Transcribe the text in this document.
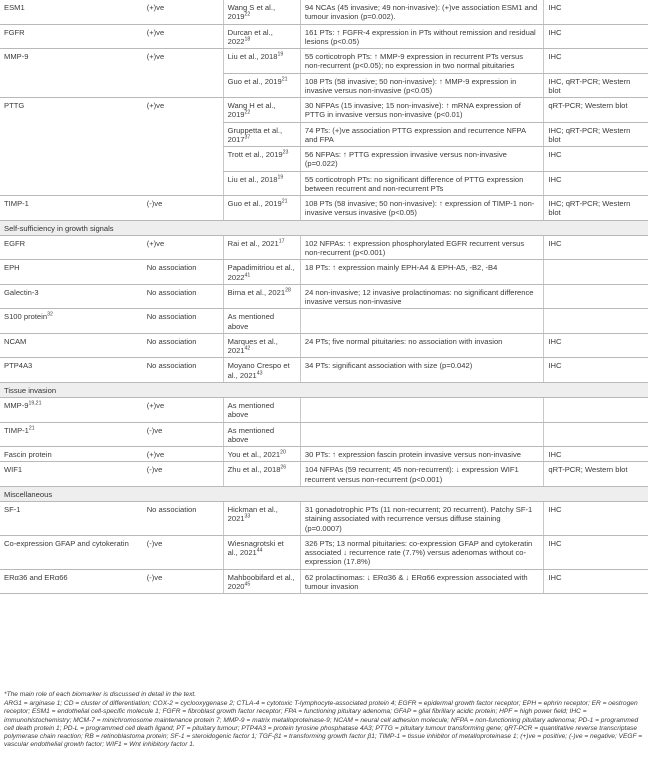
ESM1	(+)ve	Wang S et al., 2019$^{22}$	94 NCAs (45 invasive; 49 non-invasive): (+)ve association ESM1 and tumour invasion (p=0.002).	IHC
FGFR	(+)ve	Durcan et al., 2022$^{18}$	161 PTs: ↑ FGFR-4 expression in PTs without remission and residual lesions (p<0.05)	IHC
MMP-9	(+)ve	Liu et al., 2018$^{19}$	55 corticotroph PTs: ↑ MMP-9 expression in recurrent PTs versus non-recurrent (p<0.05); no expression in two normal pituitaries	IHC
		Guo et al., 2019$^{21}$	108 PTs (58 invasive; 50 non-invasive): ↑ MMP-9 expression in invasive versus non-invasive (p<0.05)	IHC, qRT-PCR; Western blot
PTTG	(+)ve	Wang H et al., 2019$^{22}$	30 NFPAs (15 invasive; 15 non-invasive): ↑ mRNA expression of PTTG in invasive versus non-invasive (p<0.01)	qRT-PCR; Western blot
		Gruppetta et al., 2017$^{37}$	74 PTs: (+)ve association PTTG expression and recurrence NFPA and FPA	IHC; qRT-PCR; Western blot
		Trott et al., 2019$^{23}$	56 NFPAs: ↑ PTTG expression invasive versus non-invasive (p=0.022)	IHC
		Liu et al., 2018$^{19}$	55 corticotroph PTs: no significant difference of PTTG expression between recurrent and non-recurrent PTs	IHC
TIMP-1	(-)ve	Guo et al., 2019$^{21}$	108 PTs (58 invasive; 50 non-invasive): ↑ expression of TIMP-1 non-invasive versus invasive (p<0.05)	IHC; qRT-PCR; Western blot
Self-sufficiency in growth signals				
EGFR	(+)ve	Rai et al., 2021$^{17}$	102 NFPAs: ↑ expression phosphorylated EGFR recurrent versus non-recurrent (p<0.001)	IHC
EPH	No association	Papadimitriou et al., 2022$^{41}$	18 PTs: ↑ expression mainly EPH-A4 & EPH-A5, -B2, -B4	
Galectin-3	No association	Birna et al., 2021$^{28}$	24 non-invasive; 12 invasive prolactinomas: no significant difference invasive versus non-invasive	
S100 protein$^{32}$	No association	As mentioned above		
NCAM	No association	Marques et al., 2021$^{42}$	24 PTs; five normal pituitaries: no association with invasion	IHC
PTP4A3	No association	Moyano Crespo et al., 2021$^{43}$	34 PTs: significant association with size (p=0.042)	IHC
Tissue invasion				
MMP-9$^{19,21}$	(+)ve	As mentioned above		
TIMP-$1^{21}$	(-)ve	As mentioned above		
Fascin protein	(+)ve	You et al., 2021$^{20}$	30 PTs: ↑ expression fascin protein invasive versus non-invasive	IHC
WIF1	(-)ve	Zhu et al., 2018$^{26}$	104 NFPAs (59 recurrent; 45 non-recurrent): ↓ expression WIF1 recurrent versus non-recurrent (p<0.001)	qRT-PCR; Western blot
Miscellaneous				
SF-1	No association	Hickman et al., 2021$^{33}$	31 gonadotrophic PTs (11 non-recurrent; 20 recurrent). Patchy SF-1 staining associated with recurrence versus diffuse staining (p=0.0007)	IHC
Co-expression GFAP and cytokeratin	(-)ve	Wiesnagrotski et al., 2021$^{44}$	326 PTs; 13 normal pituitaries: co-expression GFAP and cytokeratin associated ↓ recurrence rate (7.7%) versus adenomas without co-expression (17.8%)	IHC
ERα36 and ERα66	(-)ve	Mahboobifard et al., 2020$^{45}$	62 prolactinomas: ↓ ERα36 & ↓ ERα66 expression associated with tumour invasion	IHC
*The main role of each biomarker is discussed in detail in the text.
ARG1 = arginase 1; CD = cluster of differentiation; COX-2 = cyclooxygenase 2; CTLA-4 = cytotoxic T-lymphocyte-associated protein 4; EGFR = epidermal growth factor receptor; EPH = ephrin receptor; ER = oestrogen receptor; ESM1 = endothelial cell-specific molecule 1; FGFR = fibroblast growth factor receptor; FPA = functioning pituitary adenoma; GFAP = glial fibrillary acidic protein; HPF = high power field; IHC = immunohistochemistry; MCM-7 = minichromosome maintenance protein 7; MMP-9 = matrix metalloproteinase-9; NCAM = neural cell adhesion molecule; NFPA = non-functioning pituitary adenoma; PD-1 = programmed cell death protein 1; PD-L = programmed cell death ligand; PT = pituitary tumour; PTP4A3 = protein tyrosine phosphatase 4A3; PTTG = pituitary tumour transforming gene; qRT-PCR = quantitative reverse transcriptase polymerase chain reaction; RB = retinoblastoma protein; SF-1 = steroidogenic factor 1; TGF-β1 = transforming growth factor β1; TIMP-1 = tissue inhibitor of metalloproteinase 1; (+)ve = positive; (-)ve = negative; VEGF = vascular endothelial growth factor; WIF1 = Wnt inhibitory factor 1.
